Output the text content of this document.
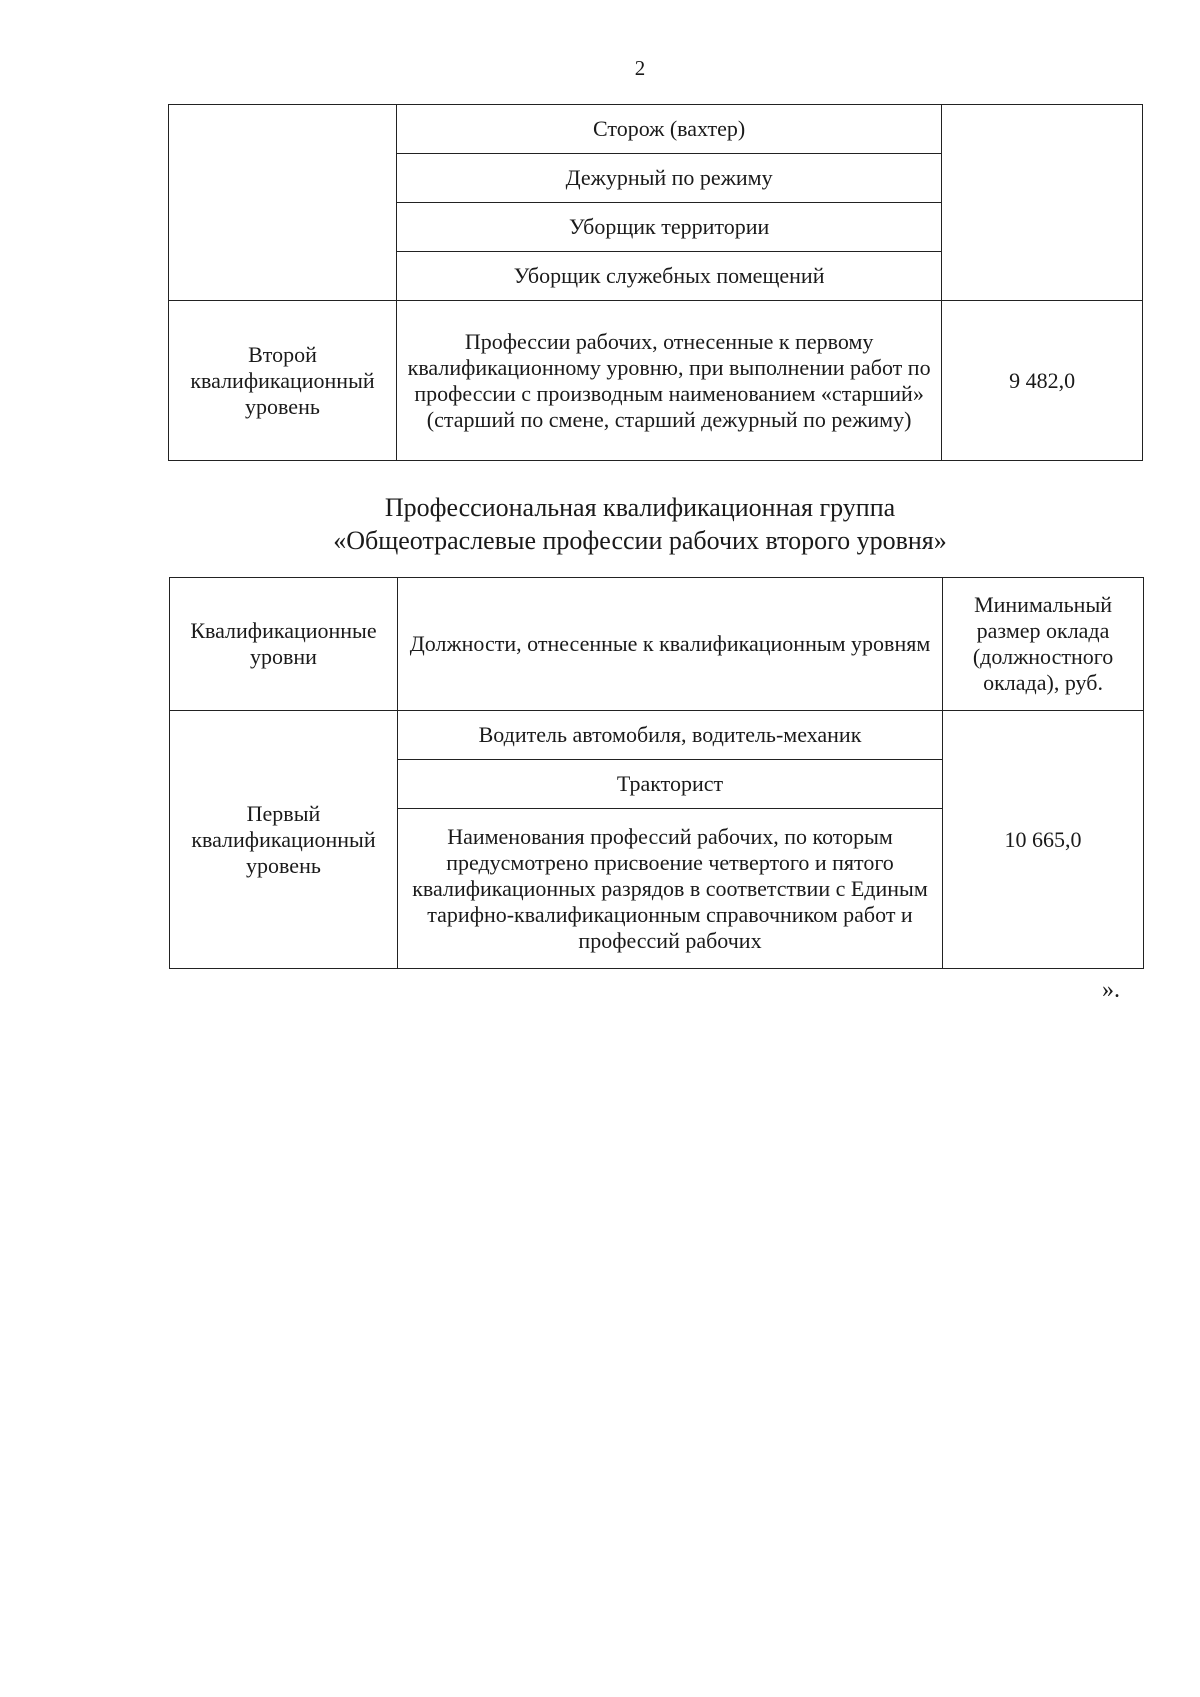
2
	Сторож (вахтер)	
	Дежурный по режиму	
	Уборщик территории	
	Уборщик служебных помещений	
Второй квалификационный уровень	Профессии рабочих, отнесенные к первому квалификационному уровню, при выполнении работ по профессии с производным наименованием «старший» (старший по смене, старший дежурный по режиму)	9 482,0
Профессиональная квалификационная группа
«Общеотраслевые профессии рабочих второго уровня»
Квалификационные уровни	Должности, отнесенные к квалификационным уровням	Минимальный размер оклада (должностного оклада), руб.
Первый квалификационный уровень	Водитель автомобиля, водитель-механик	10 665,0
	Тракторист	
	Наименования профессий рабочих, по которым предусмотрено присвоение четвертого и пятого квалификационных разрядов в соответствии с Единым тарифно-квалификационным справочником работ и профессий рабочих	
».
